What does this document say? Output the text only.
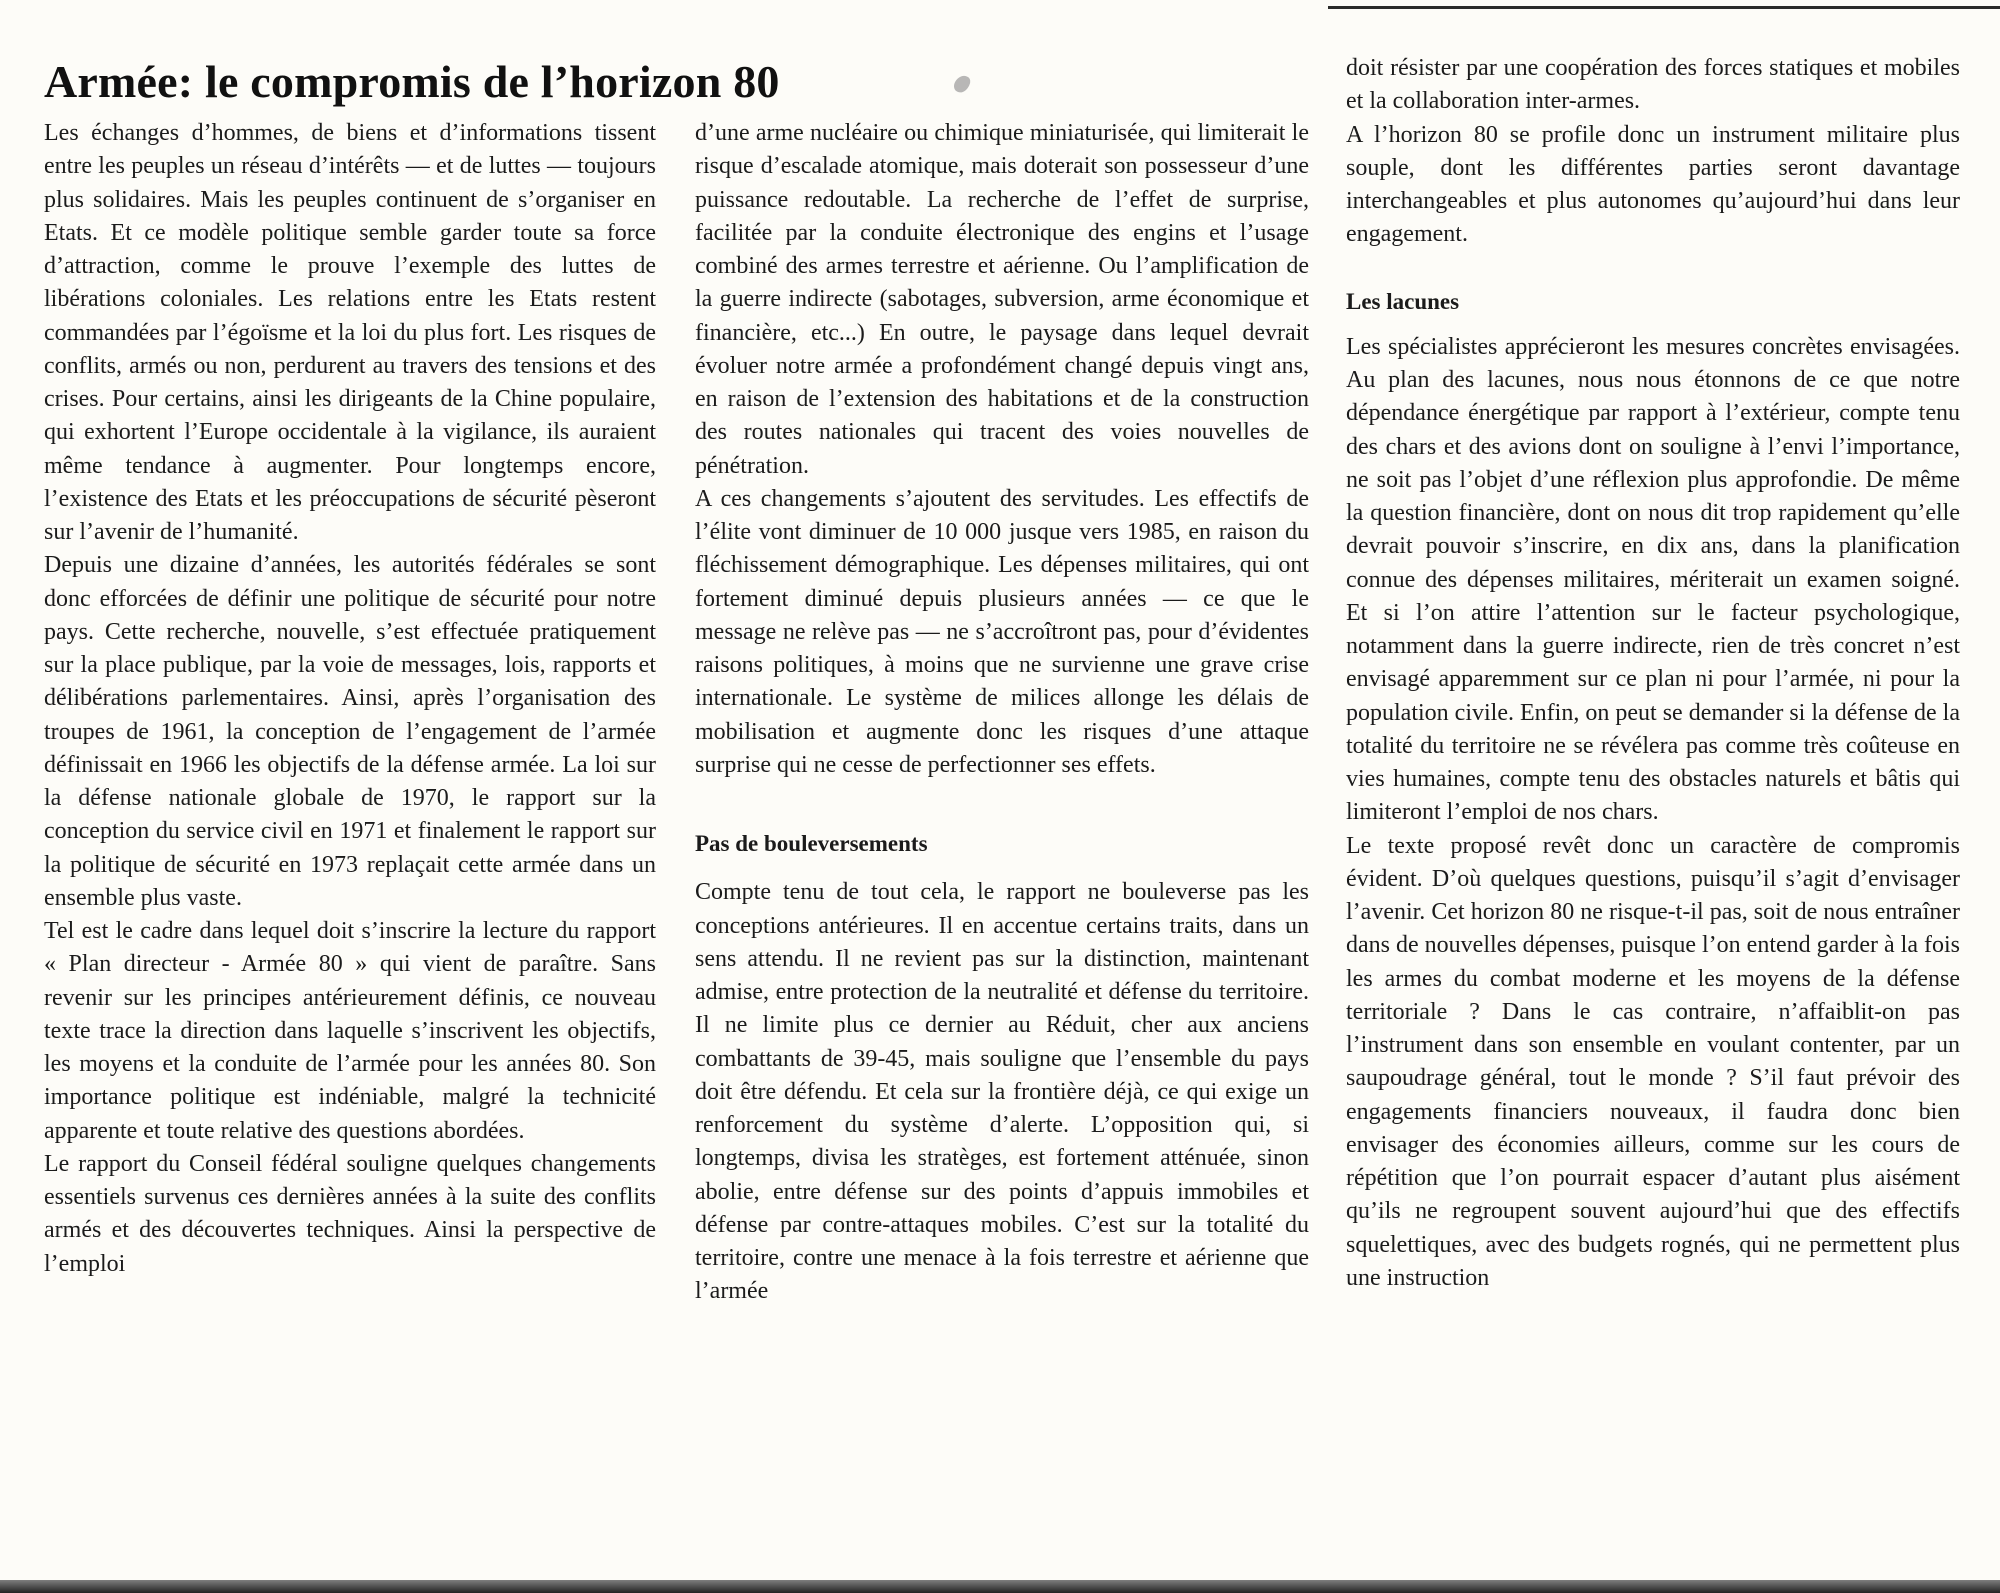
Armée: le compromis de l’horizon 80

Les échanges d’hommes, de biens et d’informations tissent entre les peuples un réseau d’intérêts — et de luttes — toujours plus solidaires. Mais les peuples continuent de s’organiser en Etats. Et ce modèle politique semble garder toute sa force d’attraction, comme le prouve l’exemple des luttes de libérations coloniales. Les relations entre les Etats restent commandées par l’égoïsme et la loi du plus fort. Les risques de conflits, armés ou non, perdurent au travers des tensions et des crises. Pour certains, ainsi les dirigeants de la Chine populaire, qui exhortent l’Europe occidentale à la vigilance, ils auraient même tendance à augmenter. Pour longtemps encore, l’existence des Etats et les préoccupations de sécurité pèseront sur l’avenir de l’humanité.

Depuis une dizaine d’années, les autorités fédérales se sont donc efforcées de définir une politique de sécurité pour notre pays. Cette recherche, nouvelle, s’est effectuée pratiquement sur la place publique, par la voie de messages, lois, rapports et délibérations parlementaires. Ainsi, après l’organisation des troupes de 1961, la conception de l’engagement de l’armée définissait en 1966 les objectifs de la défense armée. La loi sur la défense nationale globale de 1970, le rapport sur la conception du service civil en 1971 et finalement le rapport sur la politique de sécurité en 1973 replaçait cette armée dans un ensemble plus vaste.

Tel est le cadre dans lequel doit s’inscrire la lecture du rapport « Plan directeur - Armée 80 » qui vient de paraître. Sans revenir sur les principes antérieurement définis, ce nouveau texte trace la direction dans laquelle s’inscrivent les objectifs, les moyens et la conduite de l’armée pour les années 80. Son importance politique est indéniable, malgré la technicité apparente et toute relative des questions abordées.

Le rapport du Conseil fédéral souligne quelques changements essentiels survenus ces dernières années à la suite des conflits armés et des découvertes techniques. Ainsi la perspective de l’emploi

d’une arme nucléaire ou chimique miniaturisée, qui limiterait le risque d’escalade atomique, mais doterait son possesseur d’une puissance redoutable. La recherche de l’effet de surprise, facilitée par la conduite électronique des engins et l’usage combiné des armes terrestre et aérienne. Ou l’amplification de la guerre indirecte (sabotages, subversion, arme économique et financière, etc...) En outre, le paysage dans lequel devrait évoluer notre armée a profondément changé depuis vingt ans, en raison de l’extension des habitations et de la construction des routes nationales qui tracent des voies nouvelles de pénétration.

A ces changements s’ajoutent des servitudes. Les effectifs de l’élite vont diminuer de 10 000 jusque vers 1985, en raison du fléchissement démographique. Les dépenses militaires, qui ont fortement diminué depuis plusieurs années — ce que le message ne relève pas — ne s’accroîtront pas, pour d’évidentes raisons politiques, à moins que ne survienne une grave crise internationale. Le système de milices allonge les délais de mobilisation et augmente donc les risques d’une attaque surprise qui ne cesse de perfectionner ses effets.

Pas de bouleversements

Compte tenu de tout cela, le rapport ne bouleverse pas les conceptions antérieures. Il en accentue certains traits, dans un sens attendu. Il ne revient pas sur la distinction, maintenant admise, entre protection de la neutralité et défense du territoire. Il ne limite plus ce dernier au Réduit, cher aux anciens combattants de 39-45, mais souligne que l’ensemble du pays doit être défendu. Et cela sur la frontière déjà, ce qui exige un renforcement du système d’alerte. L’opposition qui, si longtemps, divisa les stratèges, est fortement atténuée, sinon abolie, entre défense sur des points d’appuis immobiles et défense par contre-attaques mobiles. C’est sur la totalité du territoire, contre une menace à la fois terrestre et aérienne que l’armée

doit résister par une coopération des forces statiques et mobiles et la collaboration inter-armes.

A l’horizon 80 se profile donc un instrument militaire plus souple, dont les différentes parties seront davantage interchangeables et plus autonomes qu’aujourd’hui dans leur engagement.

Les lacunes

Les spécialistes apprécieront les mesures concrètes envisagées. Au plan des lacunes, nous nous étonnons de ce que notre dépendance énergétique par rapport à l’extérieur, compte tenu des chars et des avions dont on souligne à l’envi l’importance, ne soit pas l’objet d’une réflexion plus approfondie. De même la question financière, dont on nous dit trop rapidement qu’elle devrait pouvoir s’inscrire, en dix ans, dans la planification connue des dépenses militaires, mériterait un examen soigné. Et si l’on attire l’attention sur le facteur psychologique, notamment dans la guerre indirecte, rien de très concret n’est envisagé apparemment sur ce plan ni pour l’armée, ni pour la population civile. Enfin, on peut se demander si la défense de la totalité du territoire ne se révélera pas comme très coûteuse en vies humaines, compte tenu des obstacles naturels et bâtis qui limiteront l’emploi de nos chars.

Le texte proposé revêt donc un caractère de compromis évident. D’où quelques questions, puisqu’il s’agit d’envisager l’avenir. Cet horizon 80 ne risque-t-il pas, soit de nous entraîner dans de nouvelles dépenses, puisque l’on entend garder à la fois les armes du combat moderne et les moyens de la défense territoriale ? Dans le cas contraire, n’affaiblit-on pas l’instrument dans son ensemble en voulant contenter, par un saupoudrage général, tout le monde ? S’il faut prévoir des engagements financiers nouveaux, il faudra donc bien envisager des économies ailleurs, comme sur les cours de répétition que l’on pourrait espacer d’autant plus aisément qu’ils ne regroupent souvent aujourd’hui que des effectifs squelettiques, avec des budgets rognés, qui ne permettent plus une instruction
